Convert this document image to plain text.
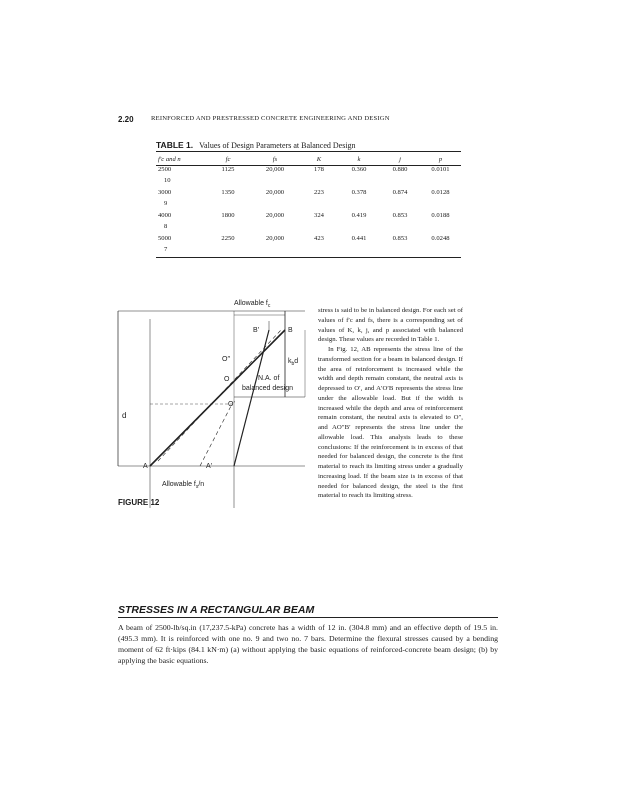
2.20	REINFORCED AND PRESTRESSED CONCRETE ENGINEERING AND DESIGN
TABLE 1. Values of Design Parameters at Balanced Design
f′c and n	fc	fs	K	k	j	p
2500	1125	20,000	178	0.360	0.880	0.0101
10						
3000	1350	20,000	223	0.378	0.874	0.0128
9						
4000	1800	20,000	324	0.419	0.853	0.0188
8						
5000	2250	20,000	423	0.441	0.853	0.0248
7						
Allowable $f_c$
B′	B
O″
O
O′
$k_bd$
N.A. of
balanced design
d
A	A′
Allowable $f_s/n$
FIGURE 12

stress is said to be in balanced design. For each set of values of f′c and fs, there is a corresponding set of values of K, k, j, and p associated with balanced design. These values are recorded in Table 1.

In Fig. 12, AB represents the stress line of the transformed section for a beam in balanced design. If the area of reinforcement is increased while the width and depth remain constant, the neutral axis is depressed to O′, and A′O′B represents the stress line under the allowable load. But if the width is increased while the depth and area of reinforcement remain constant, the neutral axis is elevated to O″, and AO″B′ represents the stress line under the allowable load. This analysis leads to these conclusions: If the reinforcement is in excess of that needed for balanced design, the concrete is the first material to reach its limiting stress under a gradually increasing load. If the beam size is in excess of that needed for balanced design, the steel is the first material to reach its limiting stress.

STRESSES IN A RECTANGULAR BEAM

A beam of 2500-lb/sq.in (17,237.5-kPa) concrete has a width of 12 in. (304.8 mm) and an effective depth of 19.5 in. (495.3 mm). It is reinforced with one no. 9 and two no. 7 bars. Determine the flexural stresses caused by a bending moment of 62 ft·kips (84.1 kN·m) (a) without applying the basic equations of reinforced-concrete beam design; (b) by applying the basic equations.
